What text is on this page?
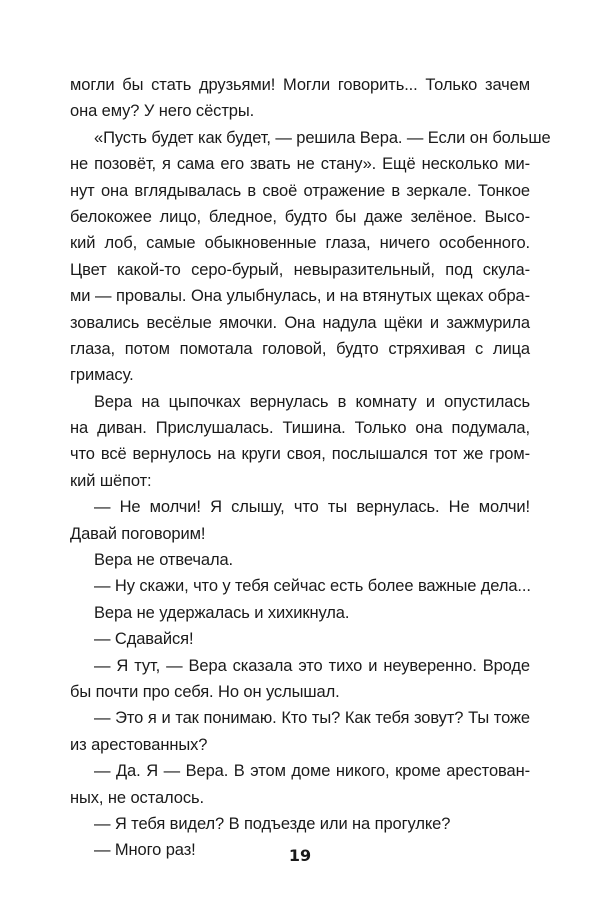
могли бы стать друзьями! Могли говорить... Только зачем
она ему? У него сёстры.
«Пусть будет как будет, — решила Вера. — Если он больше
не позовёт, я сама его звать не стану». Ещё несколько ми-
нут она вглядывалась в своё отражение в зеркале. Тонкое
белокожее лицо, бледное, будто бы даже зелёное. Высо-
кий лоб, самые обыкновенные глаза, ничего особенного.
Цвет какой-то серо-бурый, невыразительный, под скула-
ми — провалы. Она улыбнулась, и на втянутых щеках обра-
зовались весёлые ямочки. Она надула щёки и зажмурила
глаза, потом помотала головой, будто стряхивая с лица
гримасу.
Вера на цыпочках вернулась в комнату и опустилась
на диван. Прислушалась. Тишина. Только она подумала,
что всё вернулось на круги своя, послышался тот же гром-
кий шёпот:
— Не молчи! Я слышу, что ты вернулась. Не молчи!
Давай поговорим!
Вера не отвечала.
— Ну скажи, что у тебя сейчас есть более важные дела...
Вера не удержалась и хихикнула.
— Сдавайся!
— Я тут, — Вера сказала это тихо и неуверенно. Вроде
бы почти про себя. Но он услышал.
— Это я и так понимаю. Кто ты? Как тебя зовут? Ты тоже
из арестованных?
— Да. Я — Вера. В этом доме никого, кроме арестован-
ных, не осталось.
— Я тебя видел? В подъезде или на прогулке?
— Много раз!	19
